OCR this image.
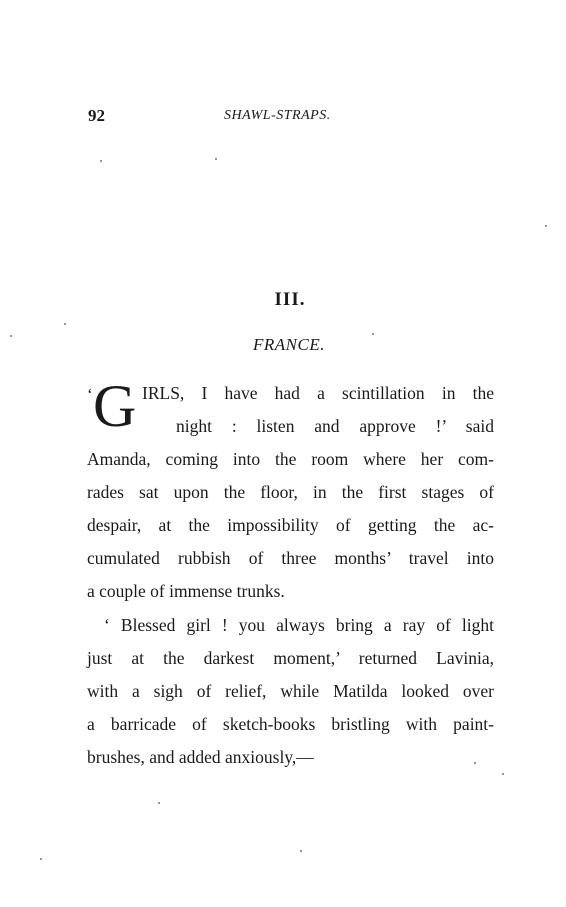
92	SHAWL-STRAPS.
III.
FRANCE.
‘ G IRLS, I have had a scintillation in the
night : listen and approve !’ said
Amanda, coming into the room where her com-
rades sat upon the floor, in the first stages of
despair, at the impossibility of getting the ac-
cumulated rubbish of three months’ travel into
a couple of immense trunks.
‘ Blessed girl ! you always bring a ray of light
just at the darkest moment,’ returned Lavinia,
with a sigh of relief, while Matilda looked over
a barricade of sketch-books bristling with paint-
brushes, and added anxiously,—
